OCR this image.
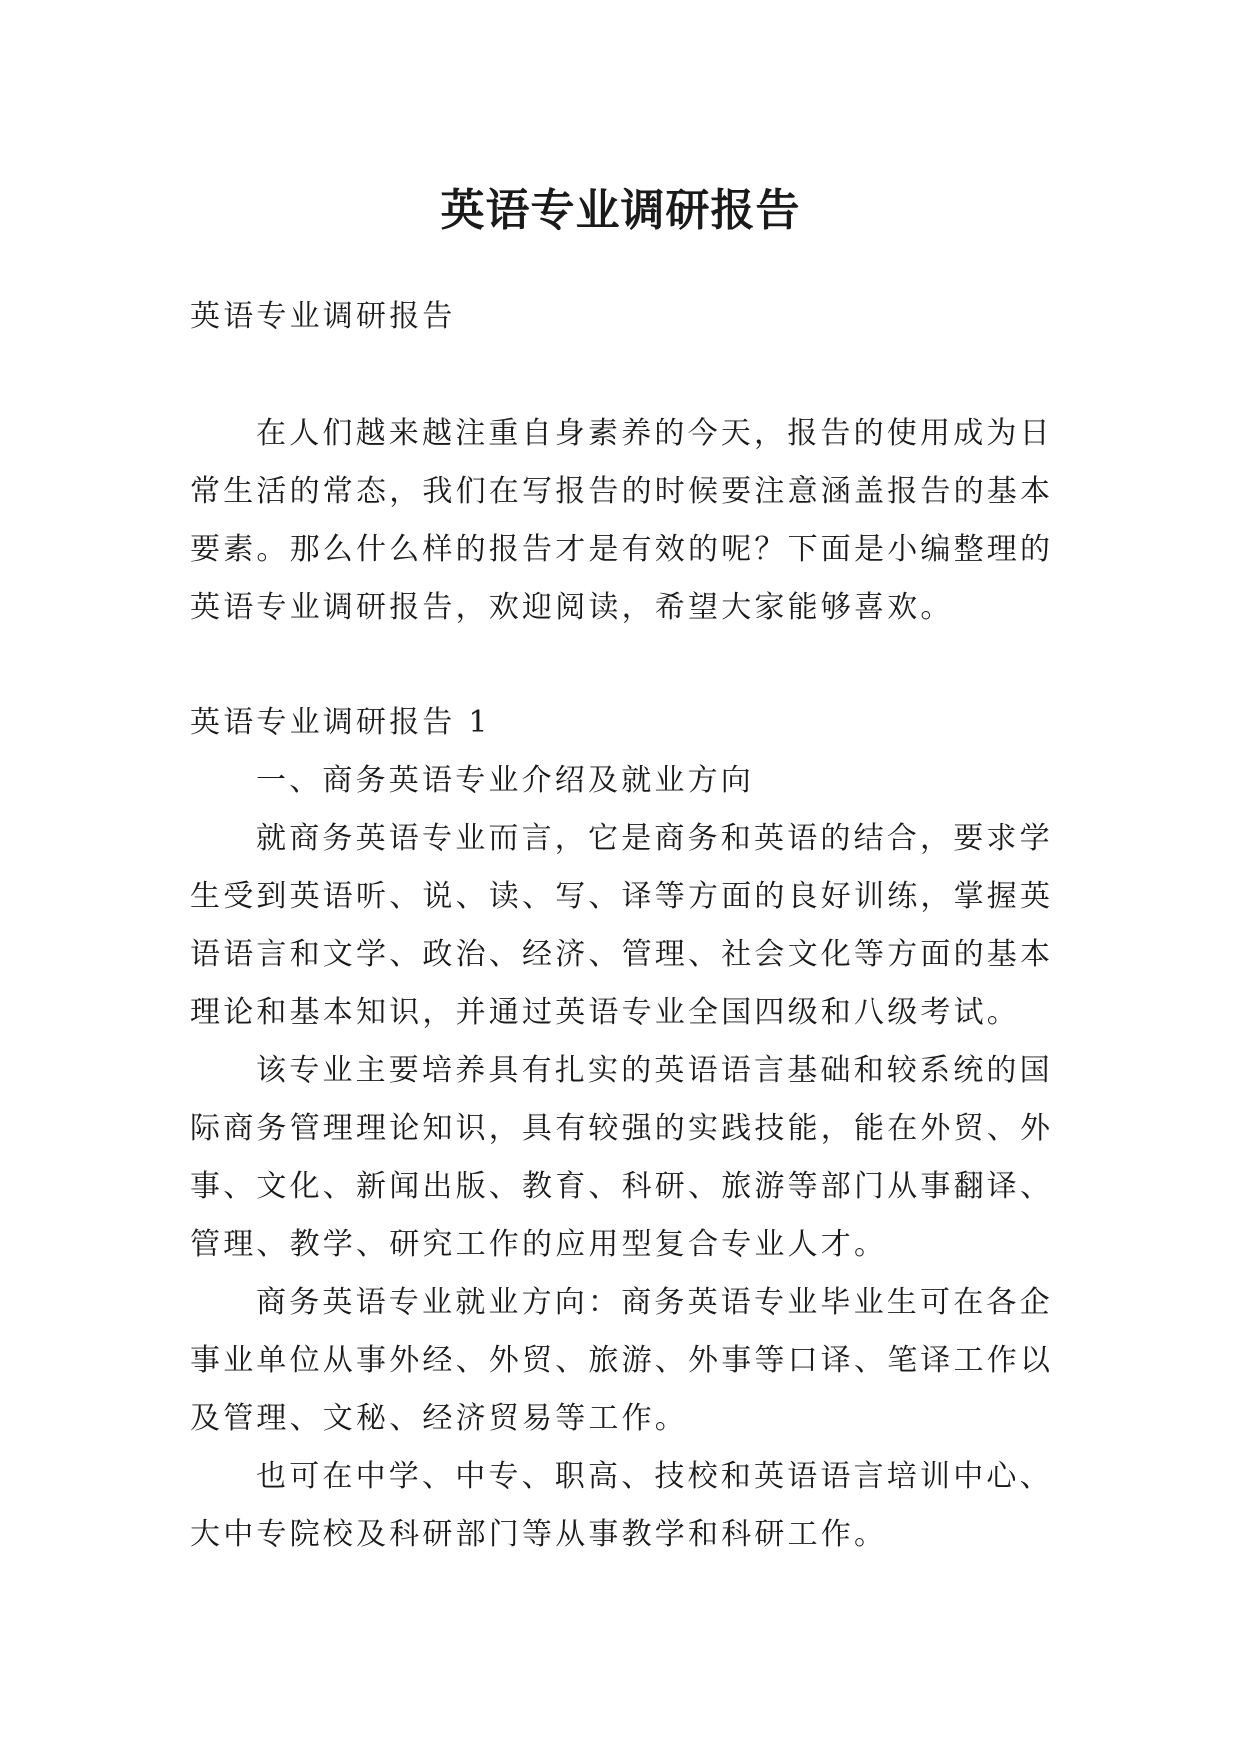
英语专业调研报告

英语专业调研报告

在人们越来越注重自身素养的今天，报告的使用成为日常生活的常态，我们在写报告的时候要注意涵盖报告的基本要素。那么什么样的报告才是有效的呢？下面是小编整理的英语专业调研报告，欢迎阅读，希望大家能够喜欢。

英语专业调研报告 1

一、商务英语专业介绍及就业方向

就商务英语专业而言，它是商务和英语的结合，要求学生受到英语听、说、读、写、译等方面的良好训练，掌握英语语言和文学、政治、经济、管理、社会文化等方面的基本理论和基本知识，并通过英语专业全国四级和八级考试。

该专业主要培养具有扎实的英语语言基础和较系统的国际商务管理理论知识，具有较强的实践技能，能在外贸、外事、文化、新闻出版、教育、科研、旅游等部门从事翻译、管理、教学、研究工作的应用型复合专业人才。

商务英语专业就业方向：商务英语专业毕业生可在各企事业单位从事外经、外贸、旅游、外事等口译、笔译工作以及管理、文秘、经济贸易等工作。

也可在中学、中专、职高、技校和英语语言培训中心、大中专院校及科研部门等从事教学和科研工作。
